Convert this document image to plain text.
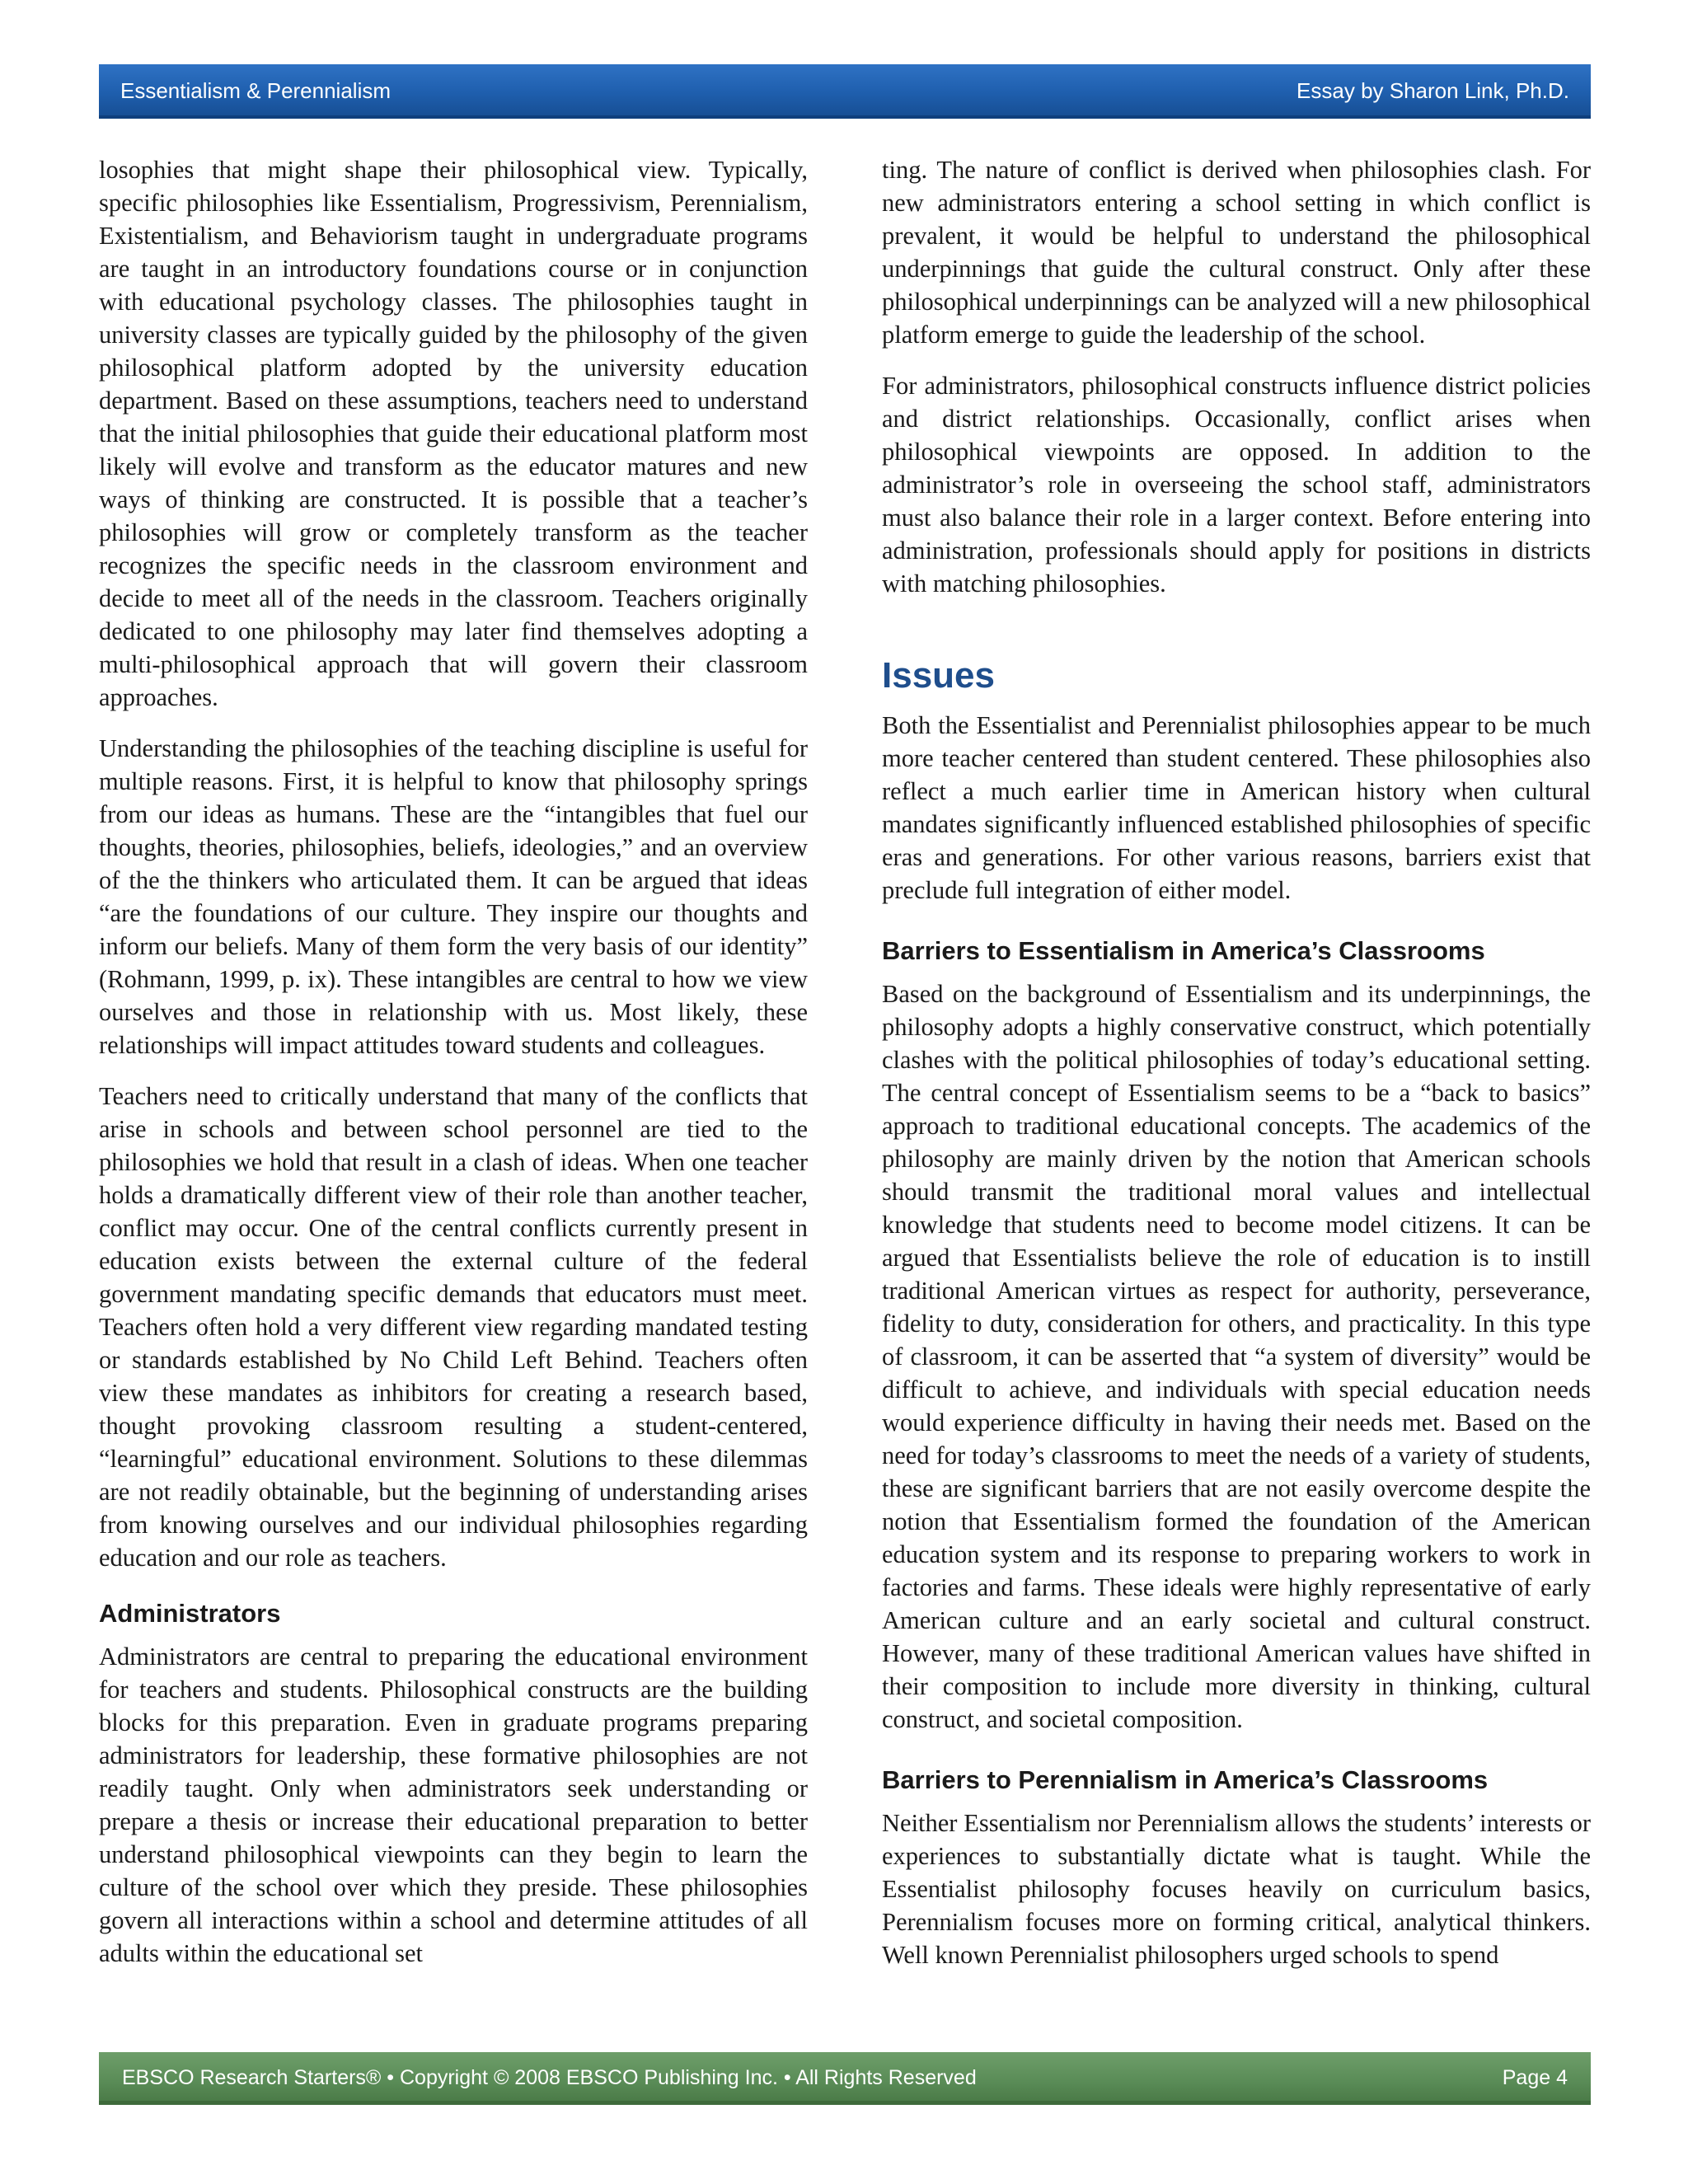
Essentialism & Perennialism	Essay by Sharon Link, Ph.D.

losophies that might shape their philosophical view. Typically, specific philosophies like Essentialism, Progressivism, Perennialism, Existentialism, and Behaviorism taught in undergraduate programs are taught in an introductory foundations course or in conjunction with educational psychology classes. The philosophies taught in university classes are typically guided by the philosophy of the given philosophical platform adopted by the university education department. Based on these assumptions, teachers need to understand that the initial philosophies that guide their educational platform most likely will evolve and transform as the educator matures and new ways of thinking are constructed. It is possible that a teacher’s philosophies will grow or completely transform as the teacher recognizes the specific needs in the classroom environment and decide to meet all of the needs in the classroom. Teachers originally dedicated to one philosophy may later find themselves adopting a multi-philosophical approach that will govern their classroom approaches.

Understanding the philosophies of the teaching discipline is useful for multiple reasons. First, it is helpful to know that philosophy springs from our ideas as humans. These are the “intangibles that fuel our thoughts, theories, philosophies, beliefs, ideologies,” and an overview of the the thinkers who articulated them. It can be argued that ideas “are the foundations of our culture. They inspire our thoughts and inform our beliefs. Many of them form the very basis of our identity” (Rohmann, 1999, p. ix). These intangibles are central to how we view ourselves and those in relationship with us. Most likely, these relationships will impact attitudes toward students and colleagues.

Teachers need to critically understand that many of the conflicts that arise in schools and between school personnel are tied to the philosophies we hold that result in a clash of ideas. When one teacher holds a dramatically different view of their role than another teacher, conflict may occur. One of the central conflicts currently present in education exists between the external culture of the federal government mandating specific demands that educators must meet. Teachers often hold a very different view regarding mandated testing or standards established by No Child Left Behind. Teachers often view these mandates as inhibitors for creating a research based, thought provoking classroom resulting a student-centered, “learningful” educational environment. Solutions to these dilemmas are not readily obtainable, but the beginning of understanding arises from knowing ourselves and our individual philosophies regarding education and our role as teachers.

Administrators

Administrators are central to preparing the educational environment for teachers and students. Philosophical constructs are the building blocks for this preparation. Even in graduate programs preparing administrators for leadership, these formative philosophies are not readily taught. Only when administrators seek understanding or prepare a thesis or increase their educational preparation to better understand philosophical viewpoints can they begin to learn the culture of the school over which they preside. These philosophies govern all interactions within a school and determine attitudes of all adults within the educational set

ting. The nature of conflict is derived when philosophies clash. For new administrators entering a school setting in which conflict is prevalent, it would be helpful to understand the philosophical underpinnings that guide the cultural construct. Only after these philosophical underpinnings can be analyzed will a new philosophical platform emerge to guide the leadership of the school.

For administrators, philosophical constructs influence district policies and district relationships. Occasionally, conflict arises when philosophical viewpoints are opposed. In addition to the administrator’s role in overseeing the school staff, administrators must also balance their role in a larger context. Before entering into administration, professionals should apply for positions in districts with matching philosophies.

Issues

Both the Essentialist and Perennialist philosophies appear to be much more teacher centered than student centered. These philosophies also reflect a much earlier time in American history when cultural mandates significantly influenced established philosophies of specific eras and generations. For other various reasons, barriers exist that preclude full integration of either model.

Barriers to Essentialism in America’s Classrooms

Based on the background of Essentialism and its underpinnings, the philosophy adopts a highly conservative construct, which potentially clashes with the political philosophies of today’s educational setting. The central concept of Essentialism seems to be a “back to basics” approach to traditional educational concepts. The academics of the philosophy are mainly driven by the notion that American schools should transmit the traditional moral values and intellectual knowledge that students need to become model citizens. It can be argued that Essentialists believe the role of education is to instill traditional American virtues as respect for authority, perseverance, fidelity to duty, consideration for others, and practicality. In this type of classroom, it can be asserted that “a system of diversity” would be difficult to achieve, and individuals with special education needs would experience difficulty in having their needs met. Based on the need for today’s classrooms to meet the needs of a variety of students, these are significant barriers that are not easily overcome despite the notion that Essentialism formed the foundation of the American education system and its response to preparing workers to work in factories and farms. These ideals were highly representative of early American culture and an early societal and cultural construct. However, many of these traditional American values have shifted in their composition to include more diversity in thinking, cultural construct, and societal composition.

Barriers to Perennialism in America’s Classrooms

Neither Essentialism nor Perennialism allows the students’ interests or experiences to substantially dictate what is taught. While the Essentialist philosophy focuses heavily on curriculum basics, Perennialism focuses more on forming critical, analytical thinkers. Well known Perennialist philosophers urged schools to spend

EBSCO Research Starters® • Copyright © 2008 EBSCO Publishing Inc. • All Rights Reserved	Page 4
